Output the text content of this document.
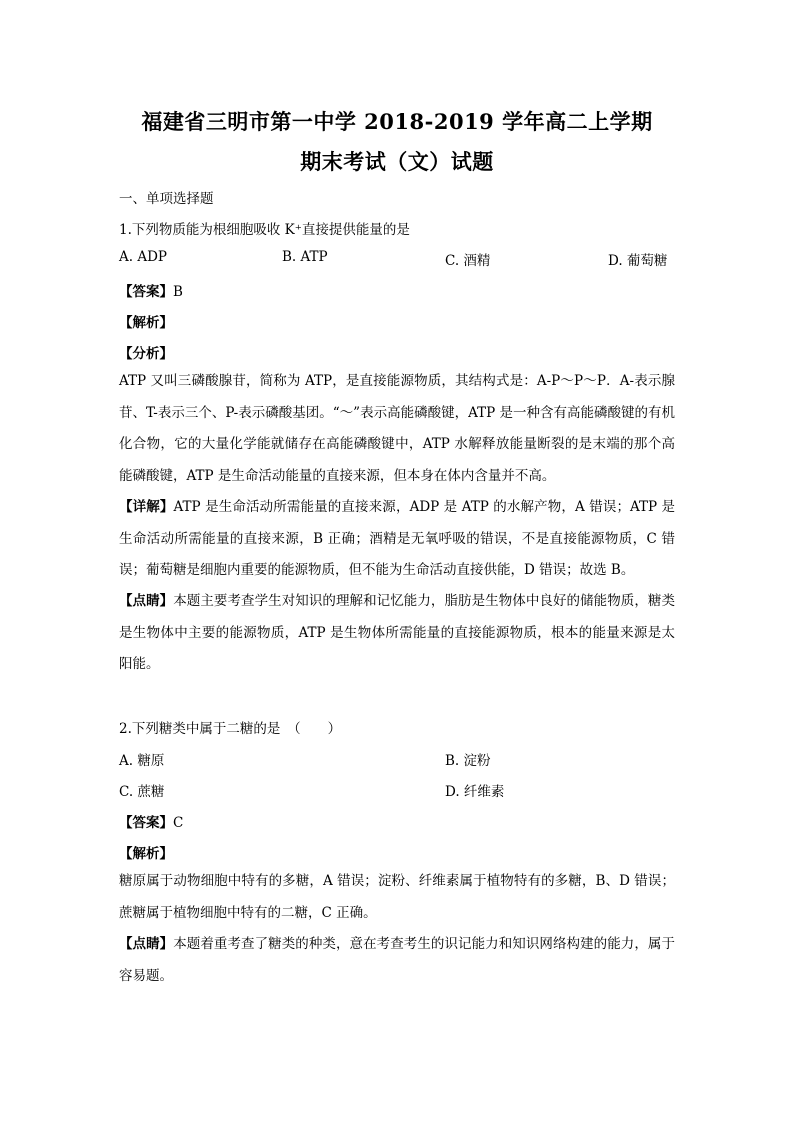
福建省三明市第一中学 2018-2019 学年高二上学期
期末考试（文）试题
一、单项选择题
1.下列物质能为根细胞吸收 K⁺直接提供能量的是
A. ADP	B. ATP	C. 酒精	D. 葡萄糖
【答案】B
【解析】
【分析】
ATP 又叫三磷酸腺苷，简称为 ATP，是直接能源物质，其结构式是：A-P～P～P．A-表示腺苷、T-表示三个、P-表示磷酸基团。“～”表示高能磷酸键，ATP 是一种含有高能磷酸键的有机化合物，它的大量化学能就储存在高能磷酸键中，ATP 水解释放能量断裂的是末端的那个高能磷酸键，ATP 是生命活动能量的直接来源，但本身在体内含量并不高。
【详解】ATP 是生命活动所需能量的直接来源，ADP 是 ATP 的水解产物，A 错误；ATP 是生命活动所需能量的直接来源，B 正确；酒精是无氧呼吸的错误，不是直接能源物质，C 错误；葡萄糖是细胞内重要的能源物质，但不能为生命活动直接供能，D 错误；故选 B。
【点睛】本题主要考查学生对知识的理解和记忆能力，脂肪是生物体中良好的储能物质，糖类是生物体中主要的能源物质，ATP 是生物体所需能量的直接能源物质，根本的能量来源是太阳能。
2.下列糖类中属于二糖的是　（　　）
A. 糖原	B. 淀粉
C. 蔗糖	D. 纤维素
【答案】C
【解析】
糖原属于动物细胞中特有的多糖，A 错误；淀粉、纤维素属于植物特有的多糖，B、D 错误；蔗糖属于植物细胞中特有的二糖，C 正确。
【点睛】本题着重考查了糖类的种类，意在考查考生的识记能力和知识网络构建的能力，属于容易题。
